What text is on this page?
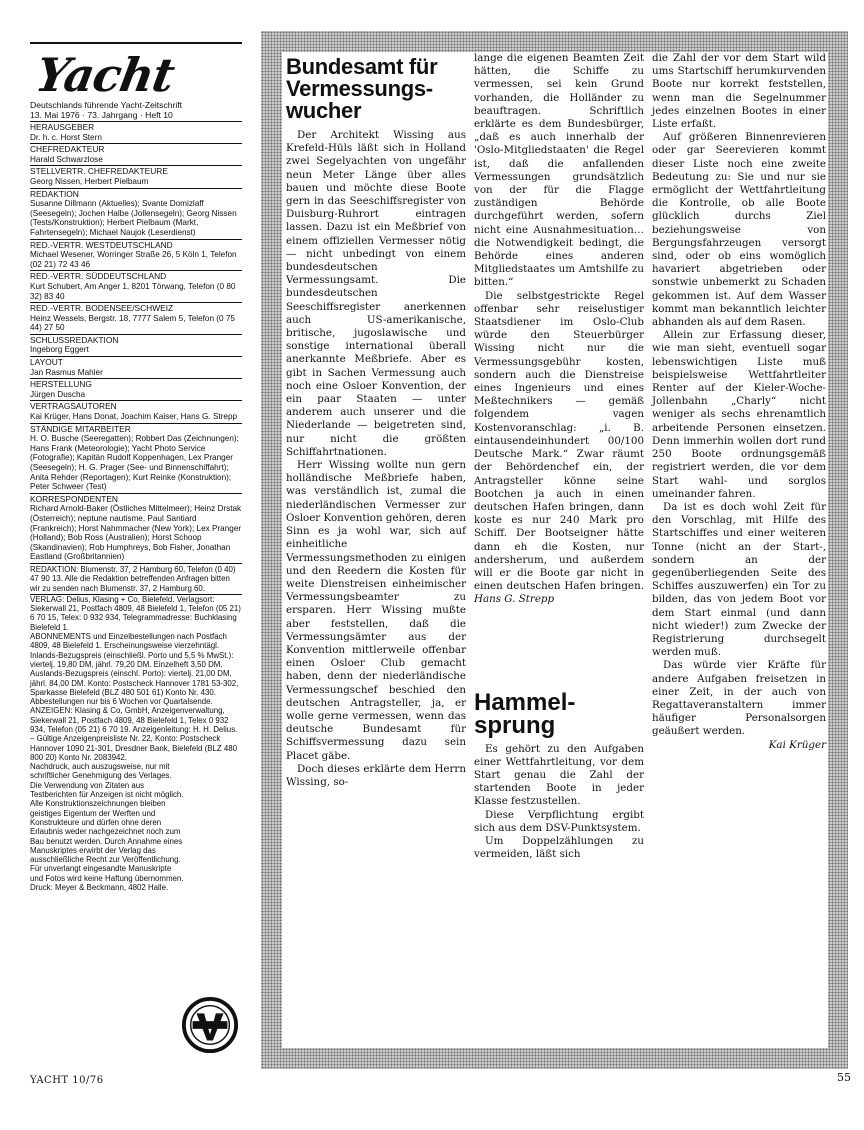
Yacht
Deutschlands führende Yacht-Zeitschrift
13. Mai 1976 · 73. Jahrgang · Heft 10
HERAUSGEBER
Dr. h. c. Horst Stern
CHEFREDAKTEUR
Harald Schwarzlose
STELLVERTR. CHEFREDAKTEURE
Georg Nissen, Herbert Pielbaum
REDAKTION
Susanne Dillmann (Aktuelles); Svante Domizlaff (Seesegeln); Jochen Halbe (Jollensegeln); Georg Nissen (Tests/Konstruktion); Herbert Pielbaum (Markt, Fahrtensegeln); Michael Naujok (Leserdienst)
RED.-VERTR. WESTDEUTSCHLAND
Michael Wesener, Worringer Straße 26, 5 Köln 1, Telefon (02 21) 72 43 46
RED.-VERTR. SÜDDEUTSCHLAND
Kurt Schubert, Am Anger 1, 8201 Törwang, Telefon (0 80 32) 83 40
RED.-VERTR. BODENSEE/SCHWEIZ
Heinz Wessels, Bergstr. 18, 7777 Salem 5, Telefon (0 75 44) 27 50
SCHLUSSREDAKTION
Ingeborg Eggert
LAYOUT
Jan Rasmus Mahler
HERSTELLUNG
Jürgen Duscha
VERTRAGSAUTOREN
Kai Krüger, Hans Donat, Joachim Kaiser, Hans G. Strepp
STÄNDIGE MITARBEITER
H. O. Busche (Seeregatten); Robbert Das (Zeichnungen); Hans Frank (Meteorologie); Yacht Photo Service (Fotografie); Kapitän Rudolf Koppenhagen, Lex Pranger (Seesegeln); H. G. Prager (See- und Binnenschiffahrt); Anita Rehder (Reportagen); Kurt Reinke (Konstruktion); Peter Schweer (Test)
KORRESPONDENTEN
Richard Arnold-Baker (Östliches Mittelmeer); Heinz Drstak (Österreich); neptune nautisme, Paul Santiard (Frankreich); Horst Nahmmacher (New York); Lex Pranger (Holland); Bob Ross (Australien); Horst Schoop (Skandinavien); Rob Humphreys, Bob Fisher, Jonathan Eastland (Großbritannien)
REDAKTION: Blumenstr. 37, 2 Hamburg 60, Telefon (0 40) 47 90 13. Alle die Redaktion betreffenden Anfragen bitten wir zu senden nach Blumenstr. 37, 2 Hamburg 60.
VERLAG: Delius, Klasing + Co, Bielefeld. Verlagsort: Siekerwall 21, Postfach 4809, 48 Bielefeld 1, Telefon (05 21) 6 70 15, Telex: 0 932 934, Telegrammadresse: Buchklasing Bielefeld 1.
ABONNEMENTS und Einzelbestellungen nach Postfach 4809, 48 Bielefeld 1. Erscheinungsweise vierzehntägl. Inlands-Bezugspreis (einschließl. Porto und 5,5 % MwSt.): viertelj. 19,80 DM, jährl. 79,20 DM. Einzelheft 3,50 DM. Auslands-Bezugspreis (einschl. Porto): viertelj. 21,00 DM, jährl. 84,00 DM. Konto: Postscheck Hannover 1781 53-302, Sparkasse Bielefeld (BLZ 480 501 61) Konto Nr. 430. Abbestellungen nur bis 6 Wochen vor Quartalsende.
ANZEIGEN: Klasing & Co, GmbH, Anzeigenverwaltung, Siekerwall 21, Postfach 4809, 48 Bielefeld 1, Telex 0 932 934, Telefon (05 21) 6 70 19. Anzeigenleitung: H. H. Delius. – Gültige Anzeigenpreisliste Nr. 22, Konto: Postscheck Hannover 1090 21-301, Dresdner Bank, Bielefeld (BLZ 480 800 20) Konto Nr. 2083942.
Nachdruck, auch auszugsweise, nur mit schriftlicher Genehmigung des Verlages. Die Verwendung von Zitaten aus Testberichten für Anzeigen ist nicht möglich. Alle Konstruktionszeichnungen bleiben geistiges Eigentum der Werften und Konstrukteure und dürfen ohne deren Erlaubnis weder nachgezeichnet noch zum Bau benutzt werden. Durch Annahme eines Manuskriptes erwirbt der Verlag das ausschließliche Recht zur Veröffentlichung. Für unverlangt eingesandte Manuskripte und Fotos wird keine Haftung übernommen. Druck: Meyer & Beckmann, 4802 Halle.
Bundesamt für Vermessungs-wucher

Der Architekt Wissing aus Krefeld-Hüls läßt sich in Holland zwei Segelyachten von ungefähr neun Meter Länge über alles bauen und möchte diese Boote gern in das Seeschiffsregister von Duisburg-Ruhrort eintragen lassen. Dazu ist ein Meßbrief von einem offiziellen Vermesser nötig — nicht unbedingt von einem bundesdeutschen Vermessungsamt. Die bundesdeutschen Seeschiffsregister anerkennen auch US-amerikanische, britische, jugoslawische und sonstige international überall anerkannte Meßbriefe. Aber es gibt in Sachen Vermessung auch noch eine Osloer Konvention, der ein paar Staaten — unter anderem auch unserer und die Niederlande — beigetreten sind, nur nicht die größten Schiffahrtnationen.

Herr Wissing wollte nun gern holländische Meßbriefe haben, was verständlich ist, zumal die niederländischen Vermesser zur Osloer Konvention gehören, deren Sinn es ja wohl war, sich auf einheitliche Vermessungsmethoden zu einigen und den Reedern die Kosten für weite Dienstreisen einheimischer Vermessungsbeamter zu ersparen. Herr Wissing mußte aber feststellen, daß die Vermessungsämter aus der Konvention mittlerweile offenbar einen Osloer Club gemacht haben, denn der niederländische Vermessungschef beschied den deutschen Antragsteller, ja, er wolle gerne vermessen, wenn das deutsche Bundesamt für Schiffsvermessung dazu sein Placet gäbe.

Doch dieses erklärte dem Herrn Wissing, so-

lange die eigenen Beamten Zeit hätten, die Schiffe zu vermessen, sei kein Grund vorhanden, die Holländer zu beauftragen. Schriftlich erklärte es dem Bundesbürger, „daß es auch innerhalb der 'Oslo-Mitgliedstaaten' die Regel ist, daß die anfallenden Vermessungen grundsätzlich von der für die Flagge zuständigen Behörde durchgeführt werden, sofern nicht eine Ausnahmesituation… die Notwendigkeit bedingt, die Behörde eines anderen Mitgliedstaates um Amtshilfe zu bitten.“

Die selbstgestrickte Regel offenbar sehr reiselustiger Staatsdiener im Oslo-Club würde den Steuerbürger Wissing nicht nur die Vermessungsgebühr kosten, sondern auch die Dienstreise eines Ingenieurs und eines Meßtechnikers — gemäß folgendem vagen Kostenvoranschlag: „i. B. eintausendeinhundert 00/100 Deutsche Mark.“ Zwar räumt der Behördenchef ein, der Antragsteller könne seine Bootchen ja auch in einen deutschen Hafen bringen, dann koste es nur 240 Mark pro Schiff. Der Bootseigner hätte dann eh die Kosten, nur andersherum, und außerdem will er die Boote gar nicht in einen deutschen Hafen bringen. Hans G. Strepp

Hammel-sprung

Es gehört zu den Aufgaben einer Wettfahrtleitung, vor dem Start genau die Zahl der startenden Boote in jeder Klasse festzustellen.

Diese Verpflichtung ergibt sich aus dem DSV-Punktsystem.

Um Doppelzählungen zu vermeiden, läßt sich

die Zahl der vor dem Start wild ums Startschiff herumkurvenden Boote nur korrekt feststellen, wenn man die Segelnummer jedes einzelnen Bootes in einer Liste erfaßt.

Auf größeren Binnenrevieren oder gar Seerevieren kommt dieser Liste noch eine zweite Bedeutung zu: Sie und nur sie ermöglicht der Wettfahrtleitung die Kontrolle, ob alle Boote glücklich durchs Ziel beziehungsweise von Bergungsfahrzeugen versorgt sind, oder ob eins womöglich havariert abgetrieben oder sonstwie unbemerkt zu Schaden gekommen ist. Auf dem Wasser kommt man bekanntlich leichter abhanden als auf dem Rasen.

Allein zur Erfassung dieser, wie man sieht, eventuell sogar lebenswichtigen Liste muß beispielsweise Wettfahrtleiter Renter auf der Kieler-Woche-Jollenbahn „Charly“ nicht weniger als sechs ehrenamtlich arbeitende Personen einsetzen. Denn immerhin wollen dort rund 250 Boote ordnungsgemäß registriert werden, die vor dem Start wahl- und sorglos umeinander fahren.

Da ist es doch wohl Zeit für den Vorschlag, mit Hilfe des Startschiffes und einer weiteren Tonne (nicht an der Start-, sondern an der gegenüberliegenden Seite des Schiffes auszuwerfen) ein Tor zu bilden, das von jedem Boot vor dem Start einmal (und dann nicht wieder!) zum Zwecke der Registrierung durchsegelt werden muß.

Das würde vier Kräfte für andere Aufgaben freisetzen in einer Zeit, in der auch von Regattaveranstaltern immer häufiger Personalsorgen geäußert werden.

Kai Krüger
YACHT 10/76	55
